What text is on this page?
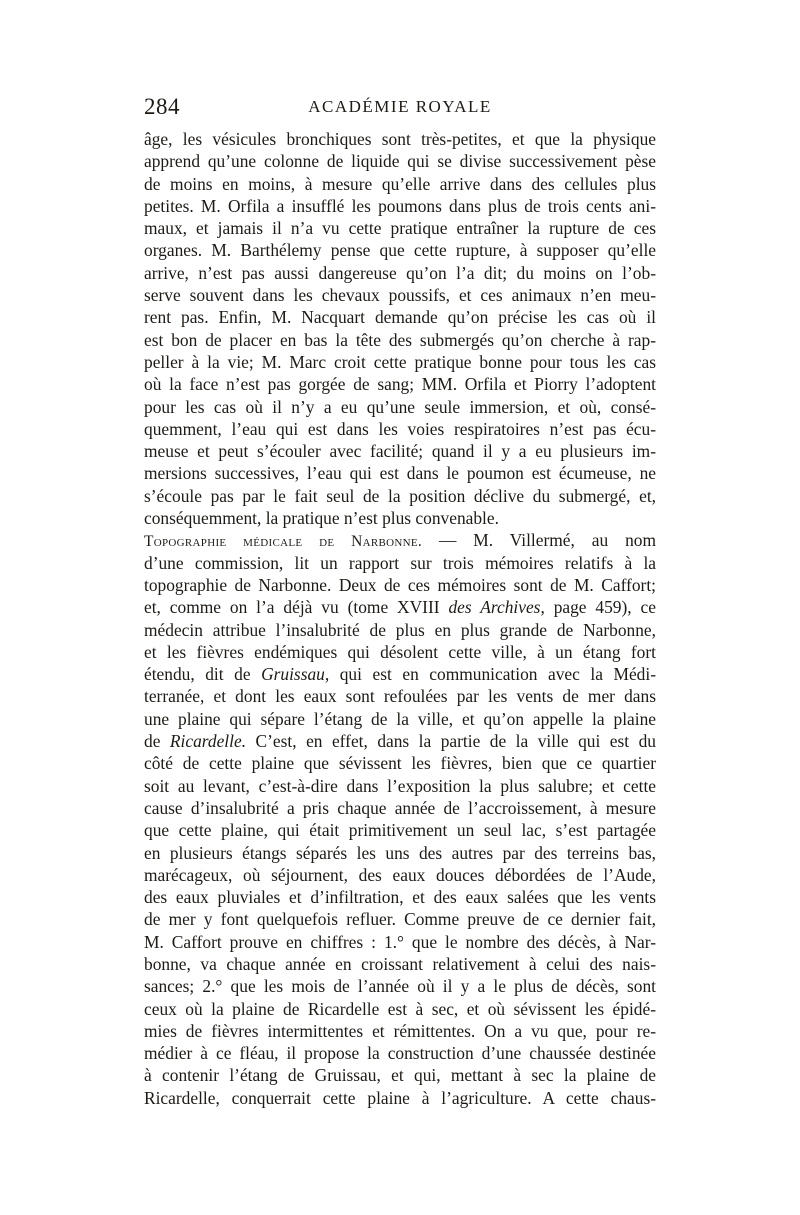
284	ACADÉMIE ROYALE
âge, les vésicules bronchiques sont très-petites, et que la physique
apprend qu’une colonne de liquide qui se divise successivement pèse
de moins en moins, à mesure qu’elle arrive dans des cellules plus
petites. M. Orfila a insufflé les poumons dans plus de trois cents ani-
maux, et jamais il n’a vu cette pratique entraîner la rupture de ces
organes. M. Barthélemy pense que cette rupture, à supposer qu’elle
arrive, n’est pas aussi dangereuse qu’on l’a dit; du moins on l’ob-
serve souvent dans les chevaux poussifs, et ces animaux n’en meu-
rent pas. Enfin, M. Nacquart demande qu’on précise les cas où il
est bon de placer en bas la tête des submergés qu’on cherche à rap-
peller à la vie; M. Marc croit cette pratique bonne pour tous les cas
où la face n’est pas gorgée de sang; MM. Orfila et Piorry l’adoptent
pour les cas où il n’y a eu qu’une seule immersion, et où, consé-
quemment, l’eau qui est dans les voies respiratoires n’est pas écu-
meuse et peut s’écouler avec facilité; quand il y a eu plusieurs im-
mersions successives, l’eau qui est dans le poumon est écumeuse, ne
s’écoule pas par le fait seul de la position déclive du submergé, et,
conséquemment, la pratique n’est plus convenable.
Topographie médicale de Narbonne. — M. Villermé, au nom
d’une commission, lit un rapport sur trois mémoires relatifs à la
topographie de Narbonne. Deux de ces mémoires sont de M. Caffort;
et, comme on l’a déjà vu (tome XVIII des Archives, page 459), ce
médecin attribue l’insalubrité de plus en plus grande de Narbonne,
et les fièvres endémiques qui désolent cette ville, à un étang fort
étendu, dit de Gruissau, qui est en communication avec la Médi-
terranée, et dont les eaux sont refoulées par les vents de mer dans
une plaine qui sépare l’étang de la ville, et qu’on appelle la plaine
de Ricardelle. C’est, en effet, dans la partie de la ville qui est du
côté de cette plaine que sévissent les fièvres, bien que ce quartier
soit au levant, c’est-à-dire dans l’exposition la plus salubre; et cette
cause d’insalubrité a pris chaque année de l’accroissement, à mesure
que cette plaine, qui était primitivement un seul lac, s’est partagée
en plusieurs étangs séparés les uns des autres par des terreins bas,
marécageux, où séjournent, des eaux douces débordées de l’Aude,
des eaux pluviales et d’infiltration, et des eaux salées que les vents
de mer y font quelquefois refluer. Comme preuve de ce dernier fait,
M. Caffort prouve en chiffres : 1.° que le nombre des décès, à Nar-
bonne, va chaque année en croissant relativement à celui des nais-
sances; 2.° que les mois de l’année où il y a le plus de décès, sont
ceux où la plaine de Ricardelle est à sec, et où sévissent les épidé-
mies de fièvres intermittentes et rémittentes. On a vu que, pour re-
médier à ce fléau, il propose la construction d’une chaussée destinée
à contenir l’étang de Gruissau, et qui, mettant à sec la plaine de
Ricardelle, conquerrait cette plaine à l’agriculture. A cette chaus-
